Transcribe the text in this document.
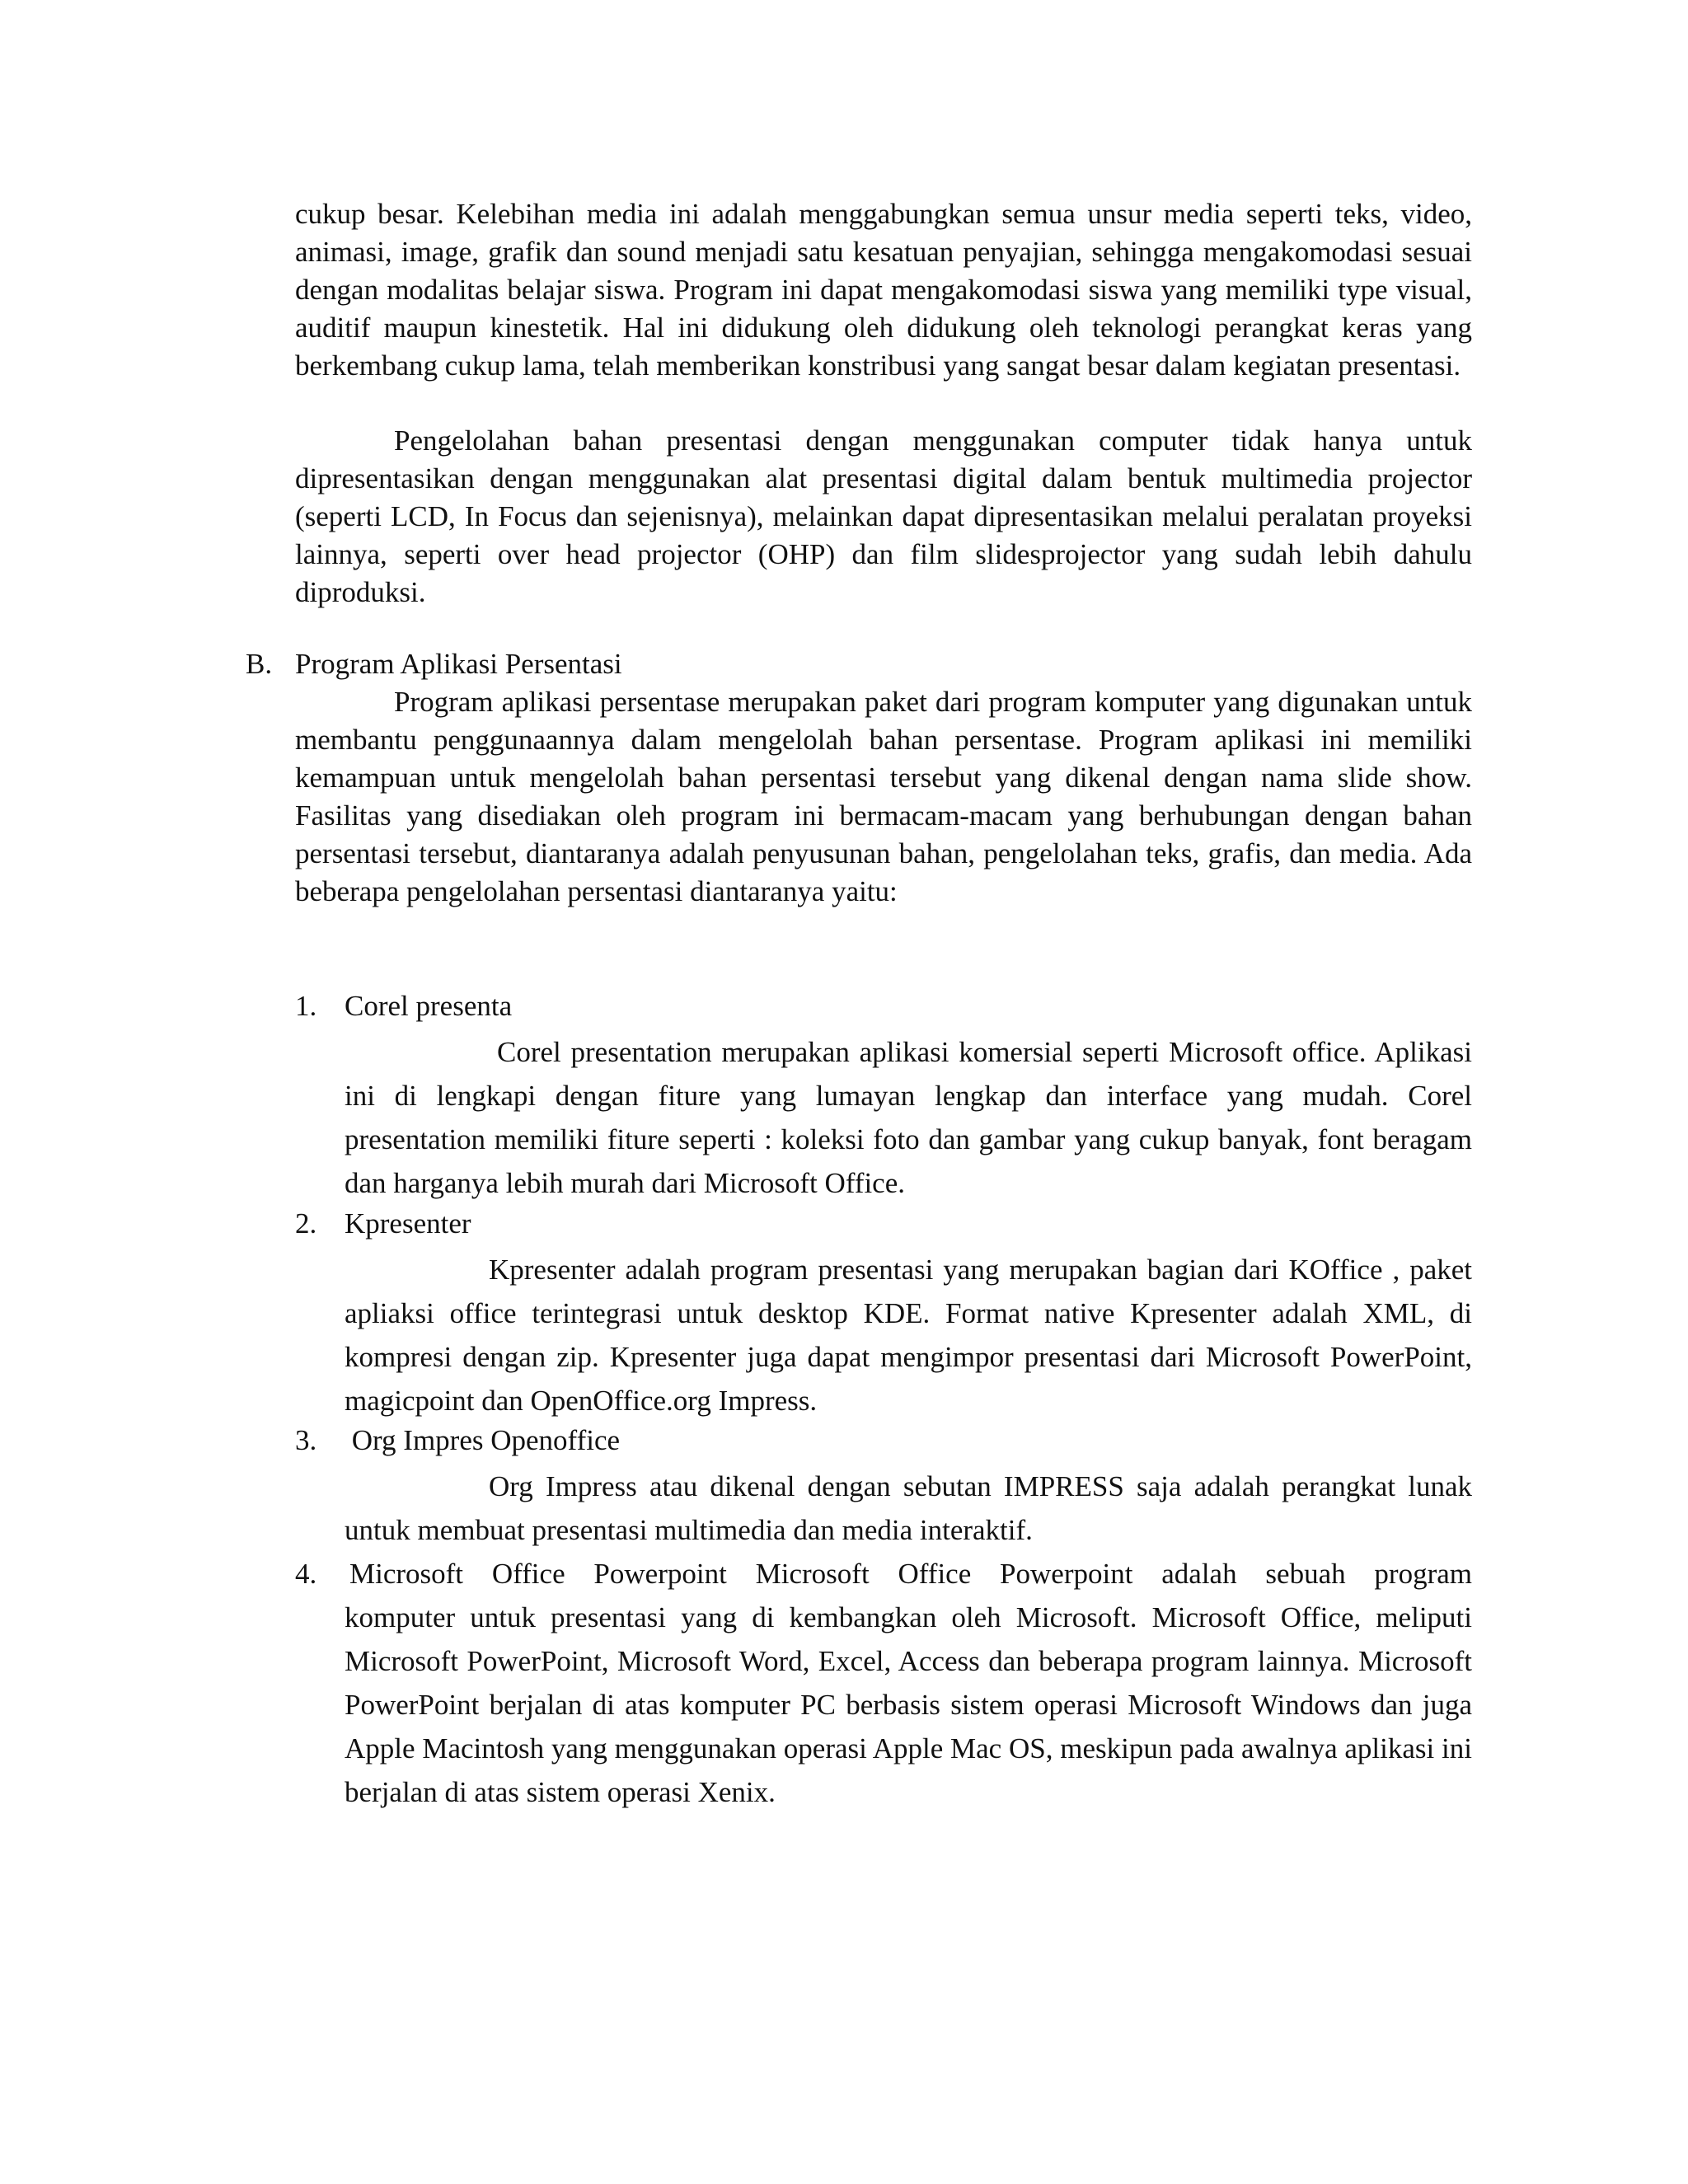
cukup besar. Kelebihan media ini adalah menggabungkan semua unsur media seperti teks, video, animasi, image, grafik dan sound menjadi satu kesatuan penyajian, sehingga mengakomodasi sesuai dengan modalitas belajar siswa. Program ini dapat mengakomodasi siswa yang memiliki type visual, auditif maupun kinestetik. Hal ini didukung oleh didukung oleh teknologi perangkat keras yang berkembang cukup lama, telah memberikan konstribusi yang sangat besar dalam kegiatan presentasi.

Pengelolahan bahan presentasi dengan menggunakan computer tidak hanya untuk dipresentasikan dengan menggunakan alat presentasi digital dalam bentuk multimedia projector (seperti LCD, In Focus dan sejenisnya), melainkan dapat dipresentasikan melalui peralatan proyeksi lainnya, seperti over head projector (OHP) dan film slidesprojector yang sudah lebih dahulu diproduksi.

B. Program Aplikasi Persentasi

Program aplikasi persentase merupakan paket dari program komputer yang digunakan untuk membantu penggunaannya dalam mengelolah bahan persentase. Program aplikasi ini memiliki kemampuan untuk mengelolah bahan persentasi tersebut yang dikenal dengan nama slide show. Fasilitas yang disediakan oleh program ini bermacam-macam yang berhubungan dengan bahan persentasi tersebut, diantaranya adalah penyusunan bahan, pengelolahan teks, grafis, dan media. Ada beberapa pengelolahan persentasi diantaranya yaitu:

1. Corel presenta

Corel presentation merupakan aplikasi komersial seperti Microsoft office. Aplikasi ini di lengkapi dengan fiture yang lumayan lengkap dan interface yang mudah. Corel presentation memiliki fiture seperti : koleksi foto dan gambar yang cukup banyak, font beragam dan harganya lebih murah dari Microsoft Office.

2. Kpresenter

Kpresenter adalah program presentasi yang merupakan bagian dari KOffice , paket apliaksi office terintegrasi untuk desktop KDE. Format native Kpresenter adalah XML, di kompresi dengan zip. Kpresenter juga dapat mengimpor presentasi dari Microsoft PowerPoint, magicpoint dan OpenOffice.org Impress.

3. Org Impres Openoffice

Org Impress atau dikenal dengan sebutan IMPRESS saja adalah perangkat lunak untuk membuat presentasi multimedia dan media interaktif.

4. Microsoft Office Powerpoint Microsoft Office Powerpoint adalah sebuah program
komputer untuk presentasi yang di kembangkan oleh Microsoft. Microsoft Office, meliputi Microsoft PowerPoint, Microsoft Word, Excel, Access dan beberapa program lainnya. Microsoft PowerPoint berjalan di atas komputer PC berbasis sistem operasi Microsoft Windows dan juga Apple Macintosh yang menggunakan operasi Apple Mac OS, meskipun pada awalnya aplikasi ini berjalan di atas sistem operasi Xenix.
